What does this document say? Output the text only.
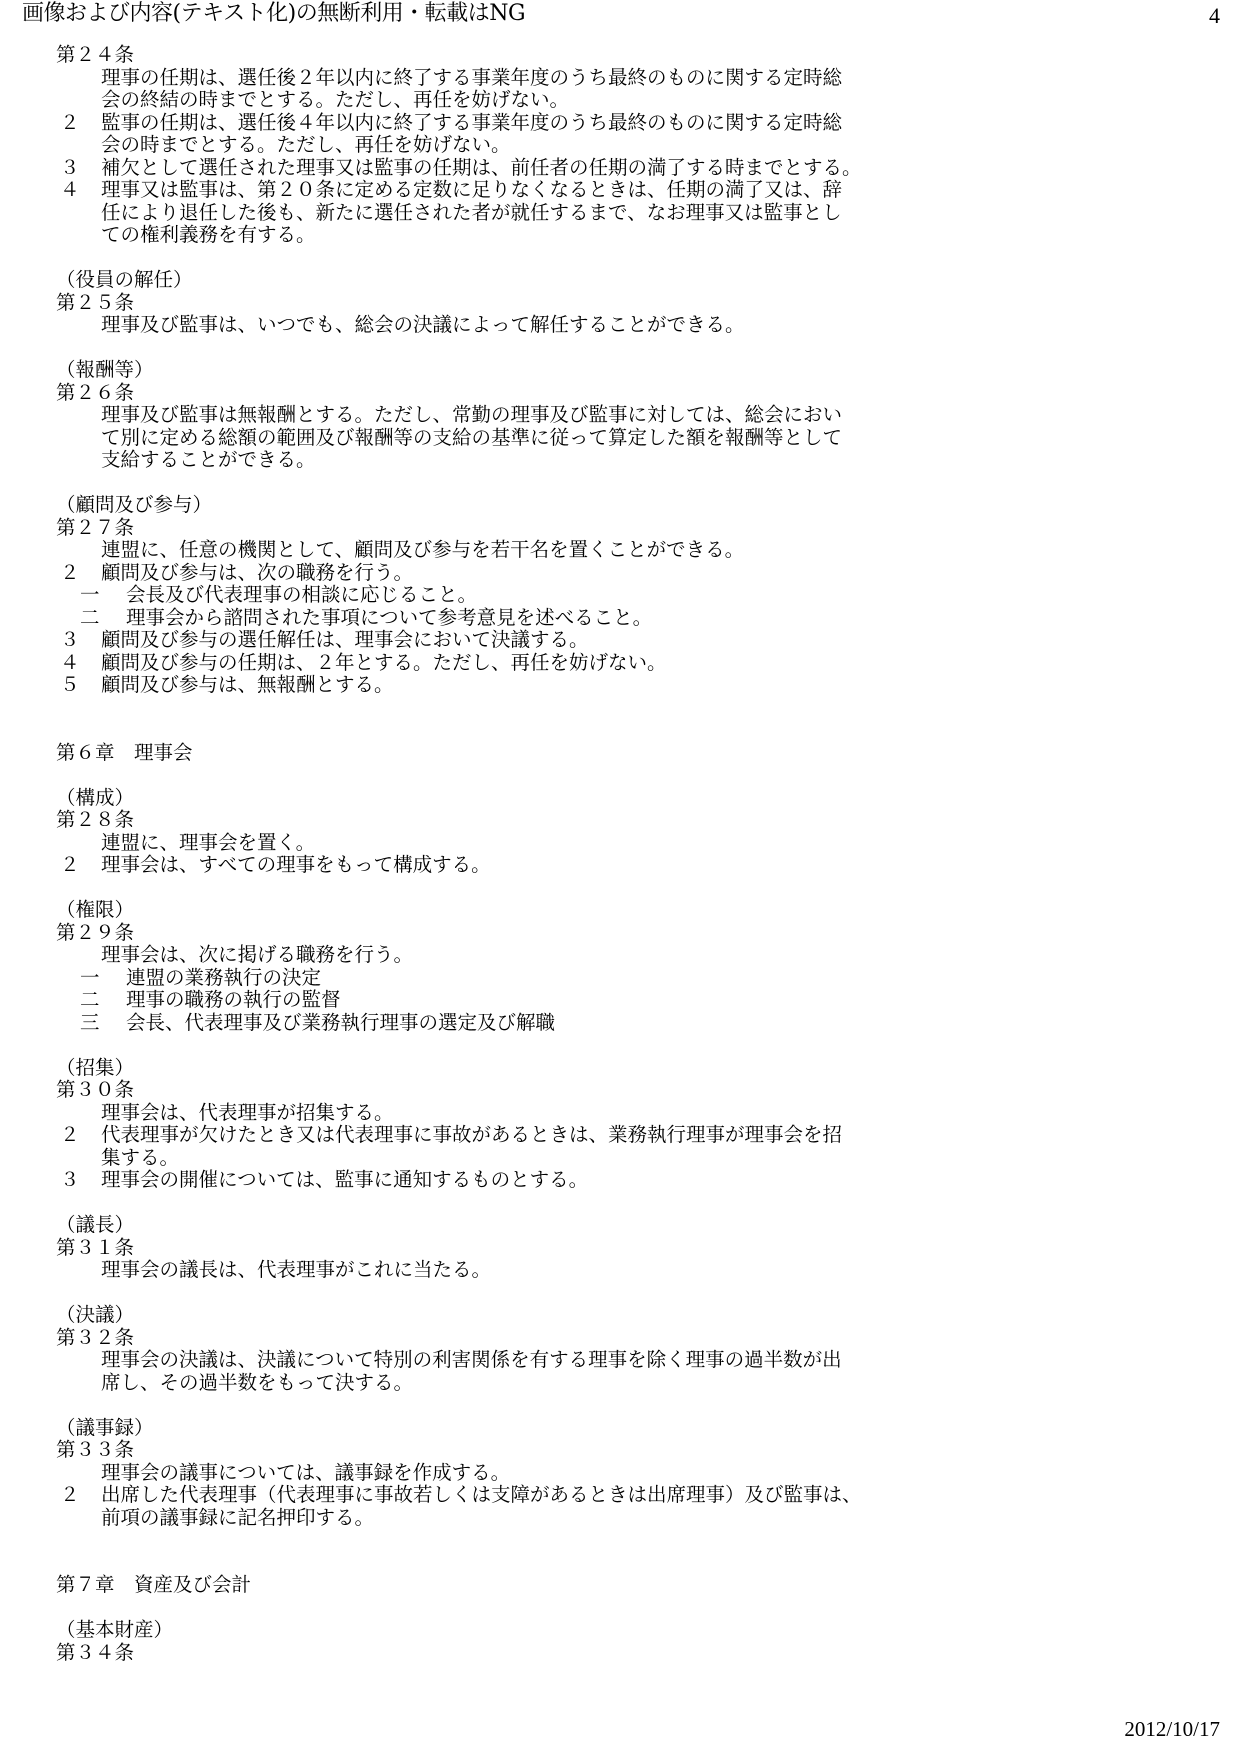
画像および内容(テキスト化)の無断利用・転載はNG	4
第２４条
理事の任期は、選任後２年以内に終了する事業年度のうち最終のものに関する定時総
会の終結の時までとする。ただし、再任を妨げない。
２ 監事の任期は、選任後４年以内に終了する事業年度のうち最終のものに関する定時総
会の時までとする。ただし、再任を妨げない。
３ 補欠として選任された理事又は監事の任期は、前任者の任期の満了する時までとする。
４ 理事又は監事は、第２０条に定める定数に足りなくなるときは、任期の満了又は、辞
任により退任した後も、新たに選任された者が就任するまで、なお理事又は監事とし
ての権利義務を有する。
（役員の解任）
第２５条
理事及び監事は、いつでも、総会の決議によって解任することができる。
（報酬等）
第２６条
理事及び監事は無報酬とする。ただし、常勤の理事及び監事に対しては、総会におい
て別に定める総額の範囲及び報酬等の支給の基準に従って算定した額を報酬等として
支給することができる。
（顧問及び参与）
第２７条
連盟に、任意の機関として、顧問及び参与を若干名を置くことができる。
２ 顧問及び参与は、次の職務を行う。
一 会長及び代表理事の相談に応じること。
二 理事会から諮問された事項について参考意見を述べること。
３ 顧問及び参与の選任解任は、理事会において決議する。
４ 顧問及び参与の任期は、２年とする。ただし、再任を妨げない。
５ 顧問及び参与は、無報酬とする。
第６章　理事会
（構成）
第２８条
連盟に、理事会を置く。
２ 理事会は、すべての理事をもって構成する。
（権限）
第２９条
理事会は、次に掲げる職務を行う。
一 連盟の業務執行の決定
二 理事の職務の執行の監督
三 会長、代表理事及び業務執行理事の選定及び解職
（招集）
第３０条
理事会は、代表理事が招集する。
２ 代表理事が欠けたとき又は代表理事に事故があるときは、業務執行理事が理事会を招
集する。
３ 理事会の開催については、監事に通知するものとする。
（議長）
第３１条
理事会の議長は、代表理事がこれに当たる。
（決議）
第３２条
理事会の決議は、決議について特別の利害関係を有する理事を除く理事の過半数が出
席し、その過半数をもって決する。
（議事録）
第３３条
理事会の議事については、議事録を作成する。
２ 出席した代表理事（代表理事に事故若しくは支障があるときは出席理事）及び監事は、
前項の議事録に記名押印する。
第７章　資産及び会計
（基本財産）
第３４条
2012/10/17
